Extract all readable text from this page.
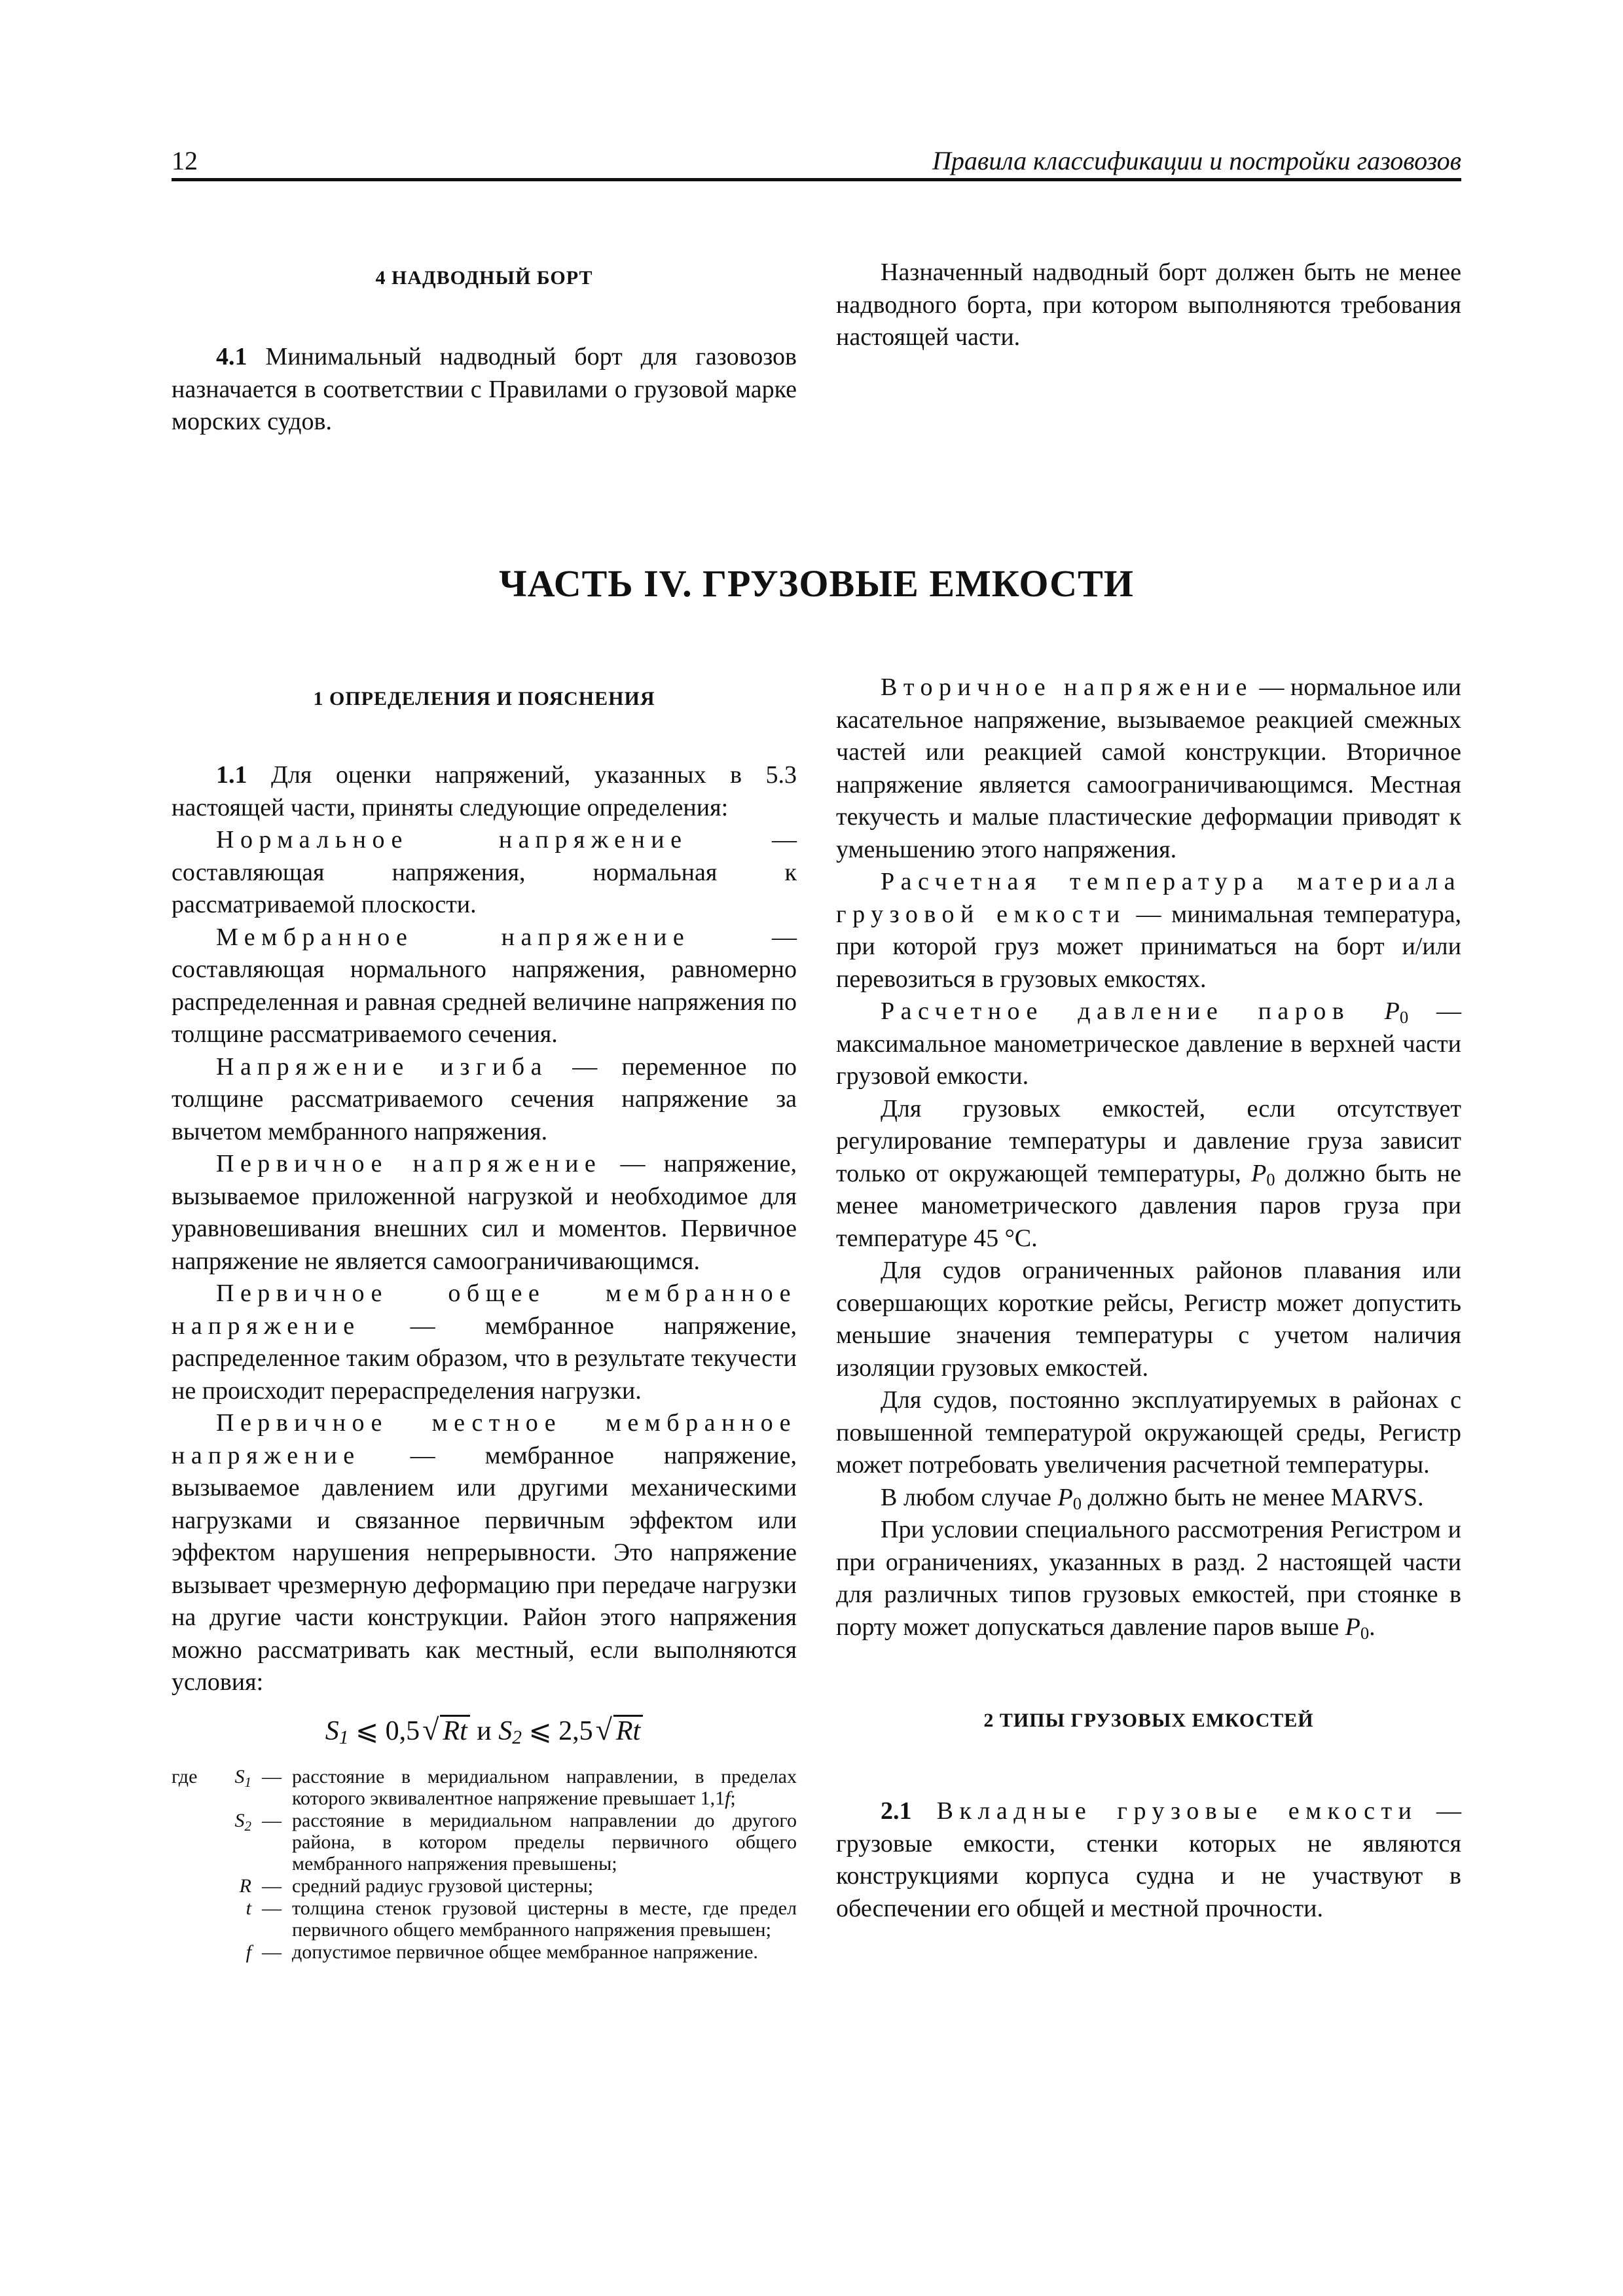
12	Правила классификации и постройки газовозов
4 НАДВОДНЫЙ БОРТ

4.1 Минимальный надводный борт для газовозов назначается в соответствии с Правилами о грузовой марке морских судов.

Назначенный надводный борт должен быть не менее надводного борта, при котором выполняются требования настоящей части.

ЧАСТЬ IV. ГРУЗОВЫЕ ЕМКОСТИ
1 ОПРЕДЕЛЕНИЯ И ПОЯСНЕНИЯ

1.1 Для оценки напряжений, указанных в 5.3 настоящей части, приняты следующие определения:

Нормальное напряжение — составляющая напряжения, нормальная к рассматриваемой плоскости.

Мембранное напряжение — составляющая нормального напряжения, равномерно распределенная и равная средней величине напряжения по толщине рассматриваемого сечения.

Напряжение изгиба — переменное по толщине рассматриваемого сечения напряжение за вычетом мембранного напряжения.

Первичное напряжение — напряжение, вызываемое приложенной нагрузкой и необходимое для уравновешивания внешних сил и моментов. Первичное напряжение не является самоограничивающимся.

Первичное общее мембранное напряжение — мембранное напряжение, распределенное таким образом, что в результате текучести не происходит перераспределения нагрузки.

Первичное местное мембранное напряжение — мембранное напряжение, вызываемое давлением или другими механическими нагрузками и связанное первичным эффектом или эффектом нарушения непрерывности. Это напряжение вызывает чрезмерную деформацию при передаче нагрузки на другие части конструкции. Район этого напряжения можно рассматривать как местный, если выполняются условия:

$S_1$ ⩽ 0,5√ Rt и $S_2$ ⩽ 2,5√ Rt
где	$S_1$ — расстояние в меридиальном направлении, в пределах которого эквивалентное напряжение превышает 1,1f;
$S_2$ — расстояние в меридиальном направлении до другого района, в котором пределы первичного общего мембранного напряжения превышены;
R — средний радиус грузовой цистерны;
t — толщина стенок грузовой цистерны в месте, где предел первичного общего мембранного напряжения превышен;
f — допустимое первичное общее мембранное напряжение.

Вторичное напряжение — нормальное или касательное напряжение, вызываемое реакцией смежных частей или реакцией самой конструкции. Вторичное напряжение является самоограничивающимся. Местная текучесть и малые пластические деформации приводят к уменьшению этого напряжения.

Расчетная температура материала грузовой емкости — минимальная температура, при которой груз может приниматься на борт и/или перевозиться в грузовых емкостях.

Расчетное давление паров $P_0$ — максимальное манометрическое давление в верхней части грузовой емкости.

Для грузовых емкостей, если отсутствует регулирование температуры и давление груза зависит только от окружающей температуры, $P_0$ должно быть не менее манометрического давления паров груза при температуре 45 °C.

Для судов ограниченных районов плавания или совершающих короткие рейсы, Регистр может допустить меньшие значения температуры с учетом наличия изоляции грузовых емкостей.

Для судов, постоянно эксплуатируемых в районах с повышенной температурой окружающей среды, Регистр может потребовать увеличения расчетной температуры.

В любом случае $P_0$ должно быть не менее MARVS.

При условии специального рассмотрения Регистром и при ограничениях, указанных в разд. 2 настоящей части для различных типов грузовых емкостей, при стоянке в порту может допускаться давление паров выше $P_0$.

2 ТИПЫ ГРУЗОВЫХ ЕМКОСТЕЙ

2.1 Вкладные грузовые емкости — грузовые емкости, стенки которых не являются конструкциями корпуса судна и не участвуют в обеспечении его общей и местной прочности.
